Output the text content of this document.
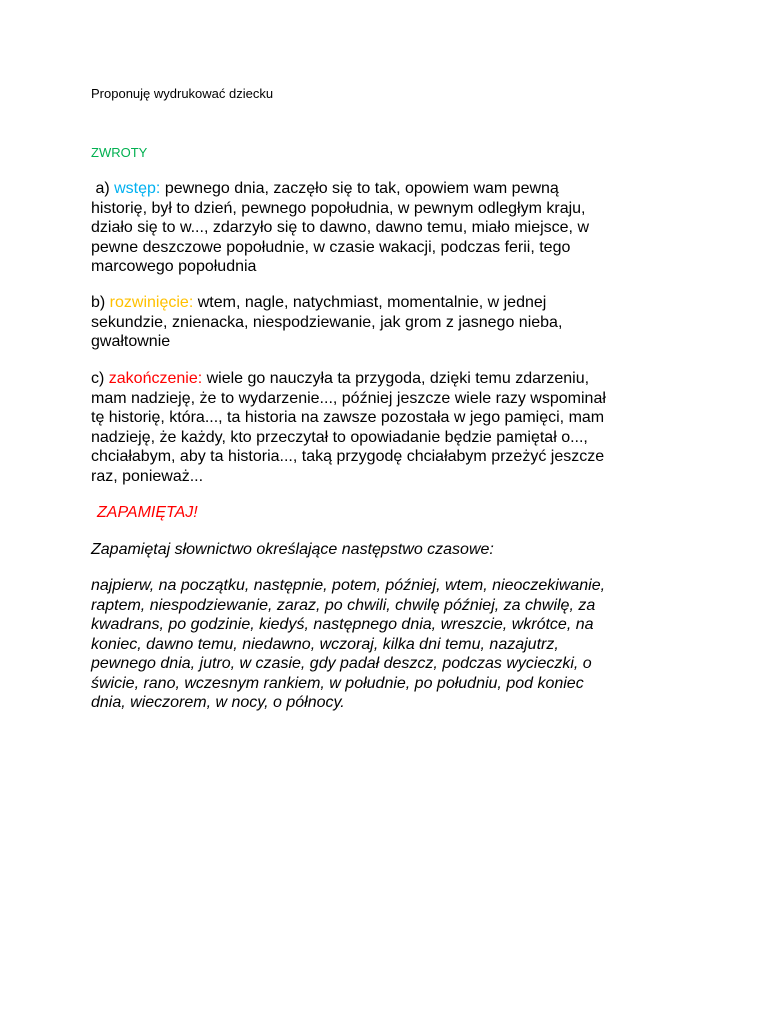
Proponuję wydrukować dziecku
ZWROTY
a) wstęp: pewnego dnia, zaczęło się to tak, opowiem wam pewną
historię, był to dzień, pewnego popołudnia, w pewnym odległym kraju,
działo się to w..., zdarzyło się to dawno, dawno temu, miało miejsce, w
pewne deszczowe popołudnie, w czasie wakacji, podczas ferii, tego
marcowego popołudnia
b) rozwinięcie: wtem, nagle, natychmiast, momentalnie, w jednej
sekundzie, znienacka, niespodziewanie, jak grom z jasnego nieba,
gwałtownie
c) zakończenie: wiele go nauczyła ta przygoda, dzięki temu zdarzeniu,
mam nadzieję, że to wydarzenie..., później jeszcze wiele razy wspominał
tę historię, która..., ta historia na zawsze pozostała w jego pamięci, mam
nadzieję, że każdy, kto przeczytał to opowiadanie będzie pamiętał o...,
chciałabym, aby ta historia..., taką przygodę chciałabym przeżyć jeszcze
raz, ponieważ...
ZAPAMIĘTAJ!
Zapamiętaj słownictwo określające następstwo czasowe:
najpierw, na początku, następnie, potem, później, wtem, nieoczekiwanie,
raptem, niespodziewanie, zaraz, po chwili, chwilę później, za chwilę, za
kwadrans, po godzinie, kiedyś, następnego dnia, wreszcie, wkrótce, na
koniec, dawno temu, niedawno, wczoraj, kilka dni temu, nazajutrz,
pewnego dnia, jutro, w czasie, gdy padał deszcz, podczas wycieczki, o
świcie, rano, wczesnym rankiem, w południe, po południu, pod koniec
dnia, wieczorem, w nocy, o północy.
